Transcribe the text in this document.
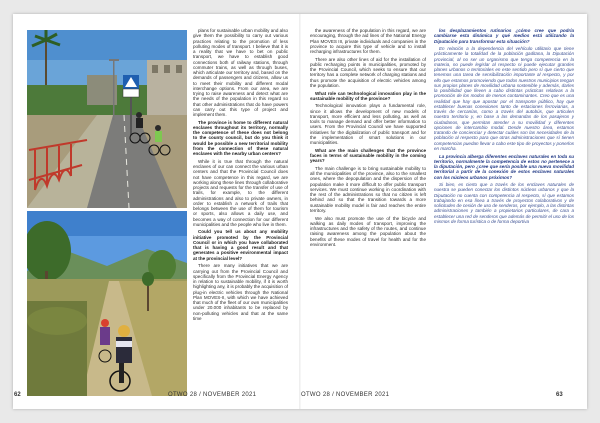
plans for sustainable urban mobility and also give them the possibility to carry out various practices relating to the promotion of less polluting modes of transport. I believe that it is a reality that we have to bet on public transport, we have to establish good connections both of railway stations, through commuter trains, as well as through buses, which articulate our territory and, based on the demands of passengers and citizens, allow us to meet their mobility and different modal interchange options. From our area, we are trying to raise awareness and detect what are the needs of the population in this regard so that other administrations that do have powers can carry out this type of project and implement them.

The province is home to different natural enclaves throughout its territory, normally the competence of these does not belong to the county council, but do you think it would be possible a new territorial mobility from the connection of these natural enclaves with the nearby urban centers?

While it is true that through the natural enclaves of our can connect the various urban centers and that the Provincial Council does not have competence in this regard, we are working along these lines through collaborative projects and requests for the transfer of use of trails, for example, to the different administrations and also to private owners, in order to establish a network of trails that belongs between the use of them for tourism or sports, also allows a daily use, and becomes a way of connection for our different municipalities and the people who live in them.

Could you tell us about any mobility initiative promoted by the Provincial Council or in which you have collaborated that is having a good result and that generates a positive environmental impact at the provincial level?

There are many initiatives that we are carrying out from the Provincial Council and specifically from the Provincial Energy Agency in relation to sustainable mobility, if it is worth highlighting any, it is probably the acquisition of plug-in electric vehicles through the National Plan MOVES-II, with which we have achieved that much of the fleet of our own municipalities under 20.000 inhabitants to be replaced by non-polluting vehicles and that at the same time

the awareness of the population in this regard, we are encouraging, through the aid lines of the National Energy Plan MOVES III, private individuals and companies in the province to acquire this type of vehicle and to install recharging infrastructures for them.

There are also other lines of aid for the installation of public recharging points in municipalities, promoted by the Provincial Council, which seeks to ensure that our territory has a complete network of charging stations and thus promote the acquisition of electric vehicles among the population.

What role can technological innovation play in the sustainable mobility of the province?

Technological innovation plays a fundamental role, since it allows the development of new models of transport, more efficient and less polluting, as well as tools to manage demand and offer better information to users. From the Provincial Council we have supported initiatives for the digitalization of public transport and for the implementation of smart solutions in our municipalities.

What are the main challenges that the province faces in terms of sustainable mobility in the coming years?

The main challenge is to bring sustainable mobility to all the municipalities of the province, also to the smallest ones, where the depopulation and the dispersion of the population make it more difficult to offer public transport services. We must continue working in coordination with the rest of the administrations so that no citizen is left behind and so that the transition towards a more sustainable mobility model is fair and reaches the entire territory.

We also must promote the use of the bicycle and walking as daily modes of transport, improving the infrastructures and the safety of the routes, and continue raising awareness among the population about the benefits of these modes of travel for health and for the environment.

los desplazamientos rutinarios ¿cómo cree que podría cambiarse esta dinámica y qué medios está utilizando la Diputación para transformar esta situación?

En relación a la dependencia del vehículo utilitario que tiene prácticamente la totalidad de la población gaditana, la Diputación provincial, al no ser un organismo que tenga competencia en la materia, no puede legislar al respecto ni puede ejecutar grandes planes urbanos o territoriales en este sentido pero sí que cierto que tenemos una tarea de sensibilización importante al respecto, y por ello que estamos promoviendo que todos nuestros municipios tengan sus propios planes de movilidad urbana sostenible y además, darles la posibilidad que lleven a cabo distintas prácticas relativas a la promoción de los modos de menos contaminantes. Creo que es una realidad que hay que apostar por el transporte público, hay que establecer buenas conexiones tanto de estaciones ferroviarias, a través de cercanías, como a través del autobús, que articulen nuestro territorio y, en base a las demandas de los pasajeros y ciudadanos, que permitan atender a su movilidad y diferentes opciones de intercambio modal. Desde nuestro área, estamos tratando de concienciar y detectar cuáles son las necesidades de la población al respecto para que otras administraciones que sí tienen competencias puedan llevar a cabo este tipo de proyectos y ponerlos en marcha.

La provincia alberga diferentes enclaves naturales en toda su territorio, normalmente la competencia de estos no pertenece a la diputación, pero ¿cree que sería posible una nueva movilidad territorial a partir de la conexión de estos enclaves naturales con los núcleos urbanos próximos?

Si bien, es cierto que a través de los enclaves naturales de nuestra se pueden conectar los distintos núcleos urbanos y que la Diputación no cuenta con competencia al respecto, sí que estamos trabajando en esa línea a través de proyectos colaborativos y de solicitudes de cesión de uso de senderos, por ejemplo, a las distintas administraciones y también a propietarios particulares, de cara a establecer una red de senderos que además de permitir el uso de los mismos de forma turística o de forma deportiva

62	OTWO 28 / NOVEMBER 2021	OTWO 28 / NOVEMBER 2021	63
